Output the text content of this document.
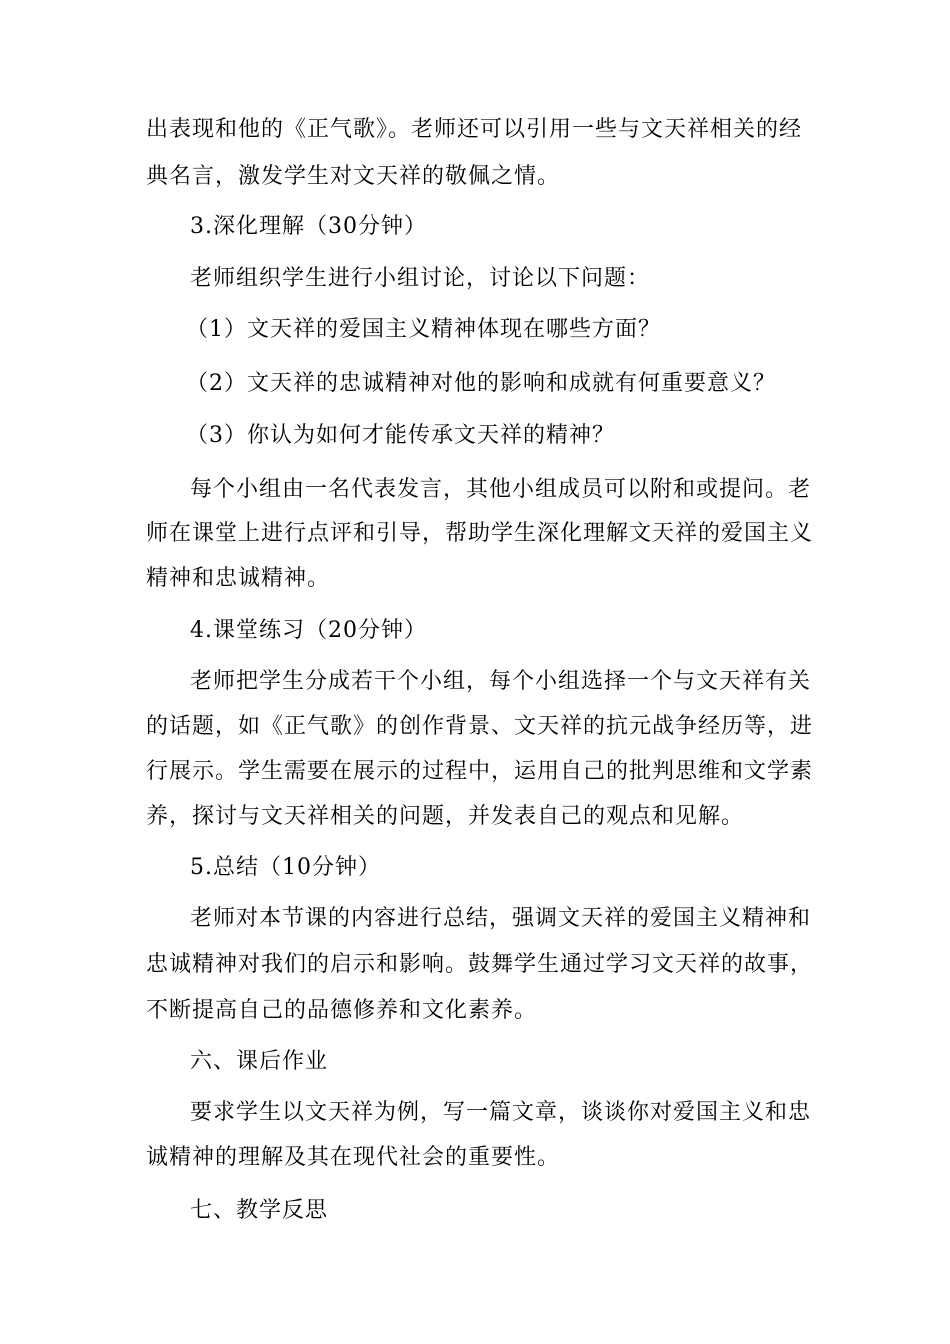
出表现和他的《正气歌》。老师还可以引用一些与文天祥相关的经
典名言，激发学生对文天祥的敬佩之情。
3.深化理解（30分钟）
老师组织学生进行小组讨论，讨论以下问题：
（1）文天祥的爱国主义精神体现在哪些方面？
（2）文天祥的忠诚精神对他的影响和成就有何重要意义？
（3）你认为如何才能传承文天祥的精神？
每个小组由一名代表发言，其他小组成员可以附和或提问。老
师在课堂上进行点评和引导，帮助学生深化理解文天祥的爱国主义
精神和忠诚精神。
4.课堂练习（20分钟）
老师把学生分成若干个小组，每个小组选择一个与文天祥有关
的话题，如《正气歌》的创作背景、文天祥的抗元战争经历等，进
行展示。学生需要在展示的过程中，运用自己的批判思维和文学素
养，探讨与文天祥相关的问题，并发表自己的观点和见解。
5.总结（10分钟）
老师对本节课的内容进行总结，强调文天祥的爱国主义精神和
忠诚精神对我们的启示和影响。鼓舞学生通过学习文天祥的故事，
不断提高自己的品德修养和文化素养。
六、课后作业
要求学生以文天祥为例，写一篇文章，谈谈你对爱国主义和忠
诚精神的理解及其在现代社会的重要性。
七、教学反思
